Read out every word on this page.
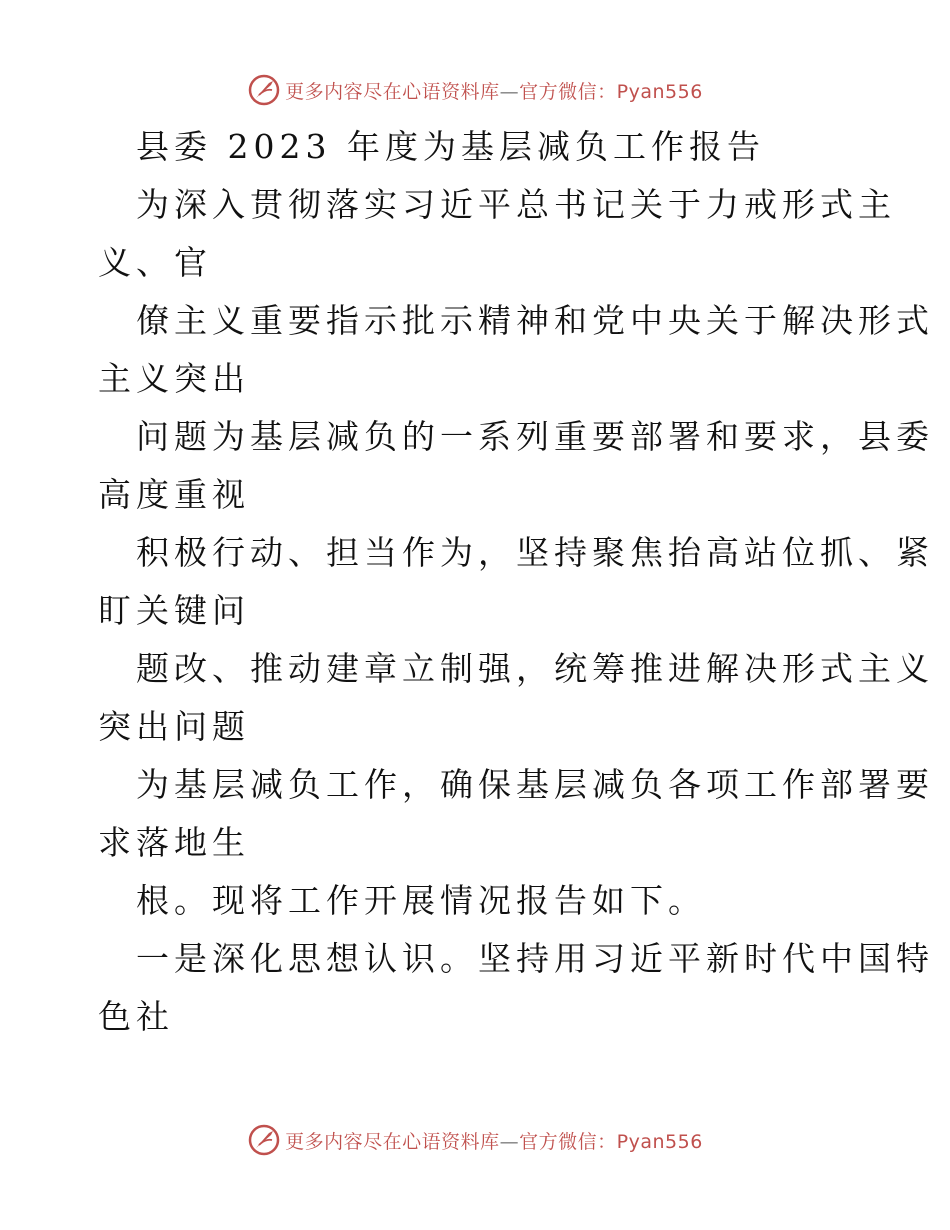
更多内容尽在心语资料库—官方微信：Pyan556
县委 2023 年度为基层减负工作报告
为深入贯彻落实习近平总书记关于力戒形式主
义、官
僚主义重要指示批示精神和党中央关于解决形式
主义突出
问题为基层减负的一系列重要部署和要求，县委
高度重视
积极行动、担当作为，坚持聚焦抬高站位抓、紧
盯关键问
题改、推动建章立制强，统筹推进解决形式主义
突出问题
为基层减负工作，确保基层减负各项工作部署要
求落地生
根。现将工作开展情况报告如下。
一是深化思想认识。坚持用习近平新时代中国特
色社
更多内容尽在心语资料库—官方微信：Pyan556
